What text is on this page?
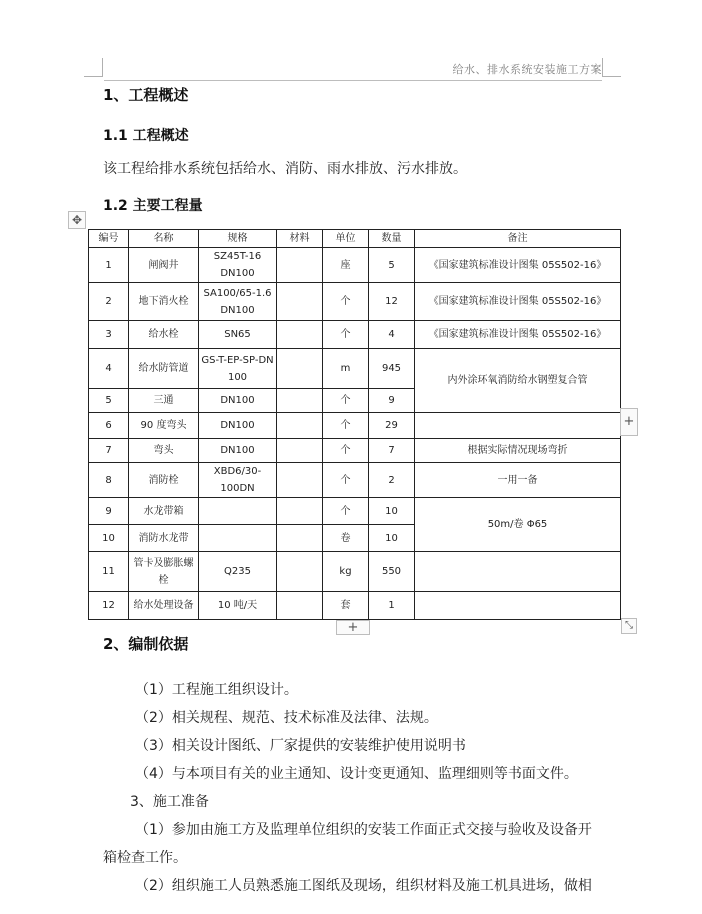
给水、排水系统安装施工方案
1、工程概述
1.1 工程概述
该工程给排水系统包括给水、消防、雨水排放、污水排放。
1.2 主要工程量
✥
编号	名称	规格	材料	单位	数量	备注
1	闸阀井	SZ45T-16 DN100		座	5	《国家建筑标准设计图集 05S502-16》
2	地下消火栓	SA100/65-1.6 DN100		个	12	《国家建筑标准设计图集 05S502-16》
3	给水栓	SN65		个	4	《国家建筑标准设计图集 05S502-16》
4	给水防管道	GS-T-EP-SP-DN100		m	945	内外涂环氧消防给水钢塑复合管
5	三通	DN100		个	9	
6	90 度弯头	DN100		个	29	
7	弯头	DN100		个	7	根据实际情况现场弯折
8	消防栓	XBD6/30-100DN		个	2	一用一备
9	水龙带箱			个	10	50m/卷 Φ65
10	消防水龙带			卷	10	
11	管卡及膨胀螺栓	Q235		kg	550	
12	给水处理设备	10 吨/天		套	1	
+
+	⤡
2、编制依据
（1）工程施工组织设计。
（2）相关规程、规范、技术标准及法律、法规。
（3）相关设计图纸、厂家提供的安装维护使用说明书
（4）与本项目有关的业主通知、设计变更通知、监理细则等书面文件。
3、施工准备
（1）参加由施工方及监理单位组织的安装工作面正式交接与验收及设备开
箱检查工作。
（2）组织施工人员熟悉施工图纸及现场，组织材料及施工机具进场，做相
